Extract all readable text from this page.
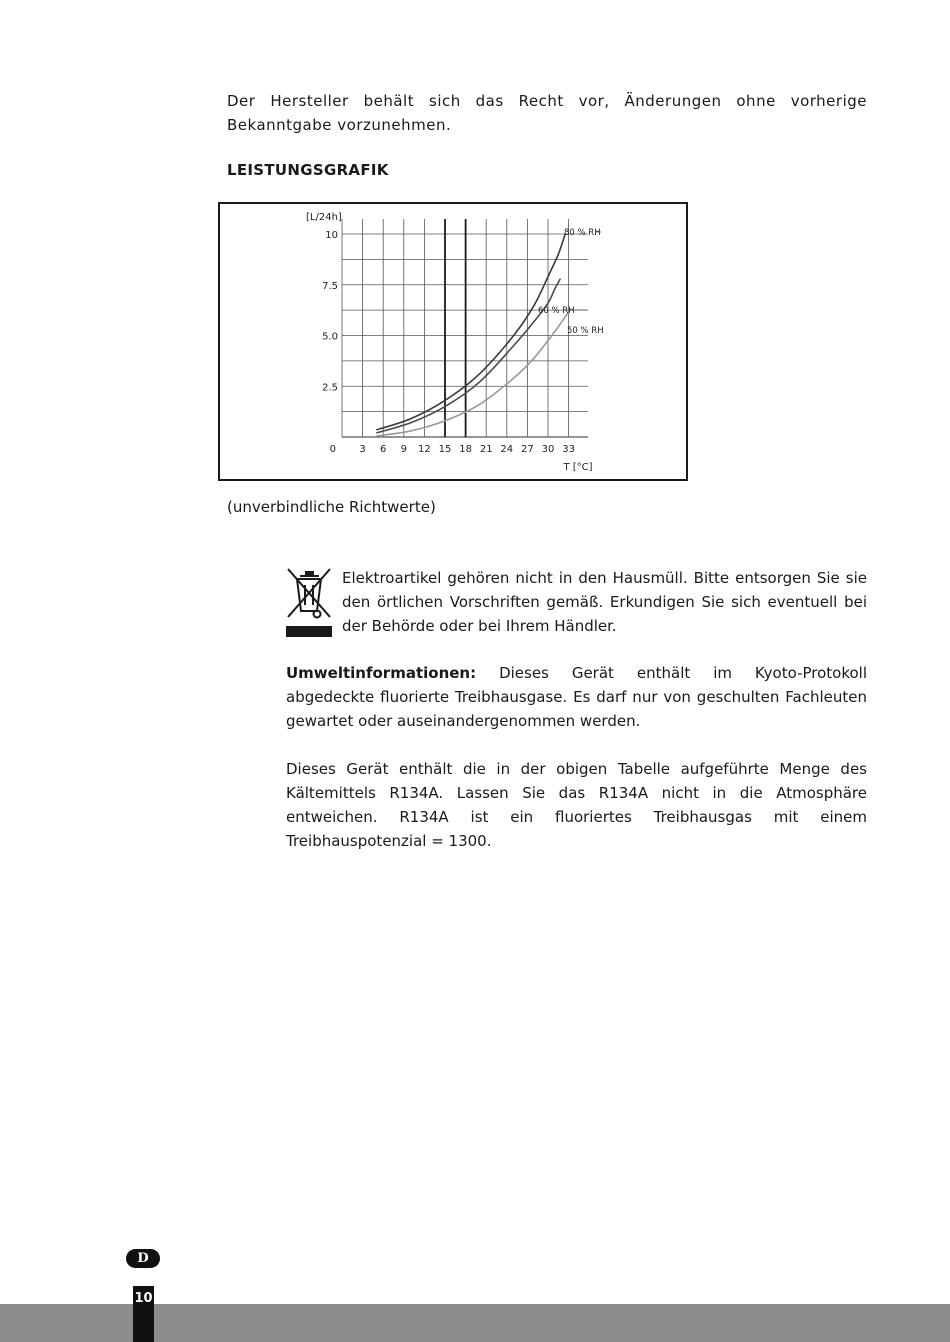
Der Hersteller behält sich das Recht vor, Änderungen ohne vorherige Bekanntgabe vorzunehmen.
LEISTUNGSGRAFIK
[L/24h]
10
7.5
5.0
2.5
0 3 6 9 12 15 18 21 24 27 30 33
T [°C]
80 % RH
60 % RH
50 % RH
(unverbindliche Richtwerte)
Elektroartikel gehören nicht in den Hausmüll. Bitte entsorgen Sie sie den örtlichen Vorschriften gemäß. Erkundigen Sie sich eventuell bei der Behörde oder bei Ihrem Händler.
Umweltinformationen: Dieses Gerät enthält im Kyoto-Protokoll abgedeckte fluorierte Treibhausgase. Es darf nur von geschulten Fachleuten gewartet oder auseinandergenommen werden.
Dieses Gerät enthält die in der obigen Tabelle aufgeführte Menge des Kältemittels R134A. Lassen Sie das R134A nicht in die Atmosphäre entweichen. R134A ist ein fluoriertes Treibhausgas mit einem Treibhauspotenzial = 1300.
D
10
